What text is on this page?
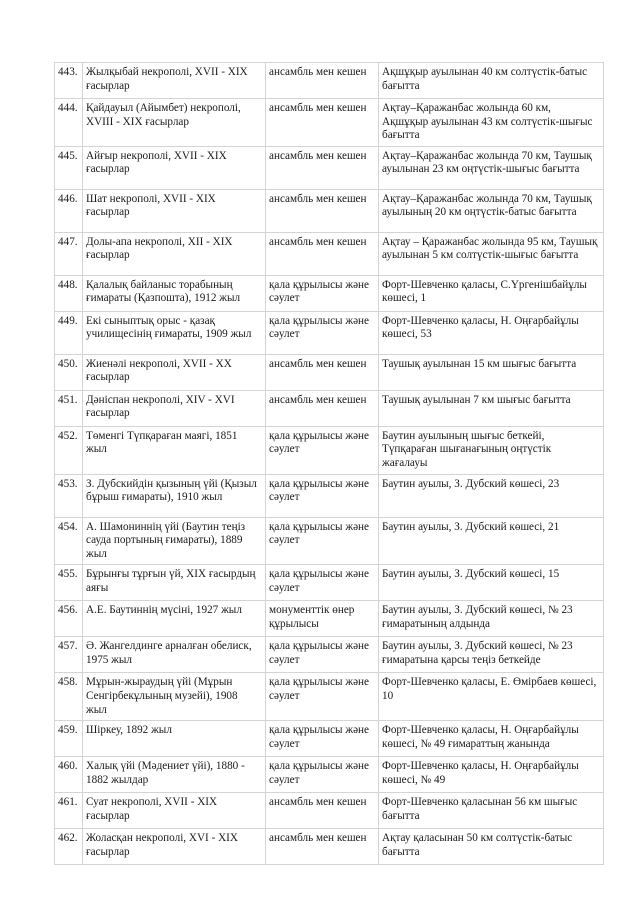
443.	Жылқыбай некрополі, XVII - XIX ғасырлар	ансамбль мен кешен	Ақшұқыр ауылынан 40 км солтүстік-батыс бағытта
444.	Қайдауыл (Айымбет) некрополі, XVIII - XIX ғасырлар	ансамбль мен кешен	Ақтау–Қаражанбас жолында 60 км, Ақшұқыр ауылынан 43 км солтүстік-шығыс бағытта
445.	Айғыр некрополі, XVII - XIX ғасырлар	ансамбль мен кешен	Ақтау–Қаражанбас жолында 70 км, Таушық ауылынан 23 км оңтүстік-шығыс бағытта
446.	Шат некрополі, XVII - XIX ғасырлар	ансамбль мен кешен	Ақтау–Қаражанбас жолында 70 км, Таушық ауылының 20 км оңтүстік-батыс бағытта
447.	Долы-апа некрополі, XII - XIX ғасырлар	ансамбль мен кешен	Ақтау – Қаражанбас жолында 95 км, Таушық ауылынан 5 км солтүстік-шығыс бағытта
448.	Қалалық байланыс торабының ғимараты (Қазпошта), 1912 жыл	қала құрылысы және сәулет	Форт-Шевченко қаласы, С.Үргенішбайұлы көшесі, 1
449.	Екі сыныптық орыс - қазақ училищесінің ғимараты, 1909 жыл	қала құрылысы және сәулет	Форт-Шевченко қаласы, Н. Оңғарбайұлы көшесі, 53
450.	Жиенәлі некрополі, XVII - XX ғасырлар	ансамбль мен кешен	Таушық ауылынан 15 км шығыс бағытта
451.	Дәніспан некрополі, XIV - XVI ғасырлар	ансамбль мен кешен	Таушық ауылынан 7 км шығыс бағытта
452.	Төменгі Түпқараған маягі, 1851 жыл	қала құрылысы және сәулет	Баутин ауылының шығыс беткейі, Түпқараған шығанағының оңтүстік жағалауы
453.	З. Дубскийдін қызының үйі (Қызыл бұрыш ғимараты), 1910 жыл	қала құрылысы және сәулет	Баутин ауылы, З. Дубский көшесі, 23
454.	А. Шамониннің үйі (Баутин теңіз сауда портының ғимараты), 1889 жыл	қала құрылысы және сәулет	Баутин ауылы, З. Дубский көшесі, 21
455.	Бұрынғы тұрғын үй, XIX ғасырдың аяғы	қала құрылысы және сәулет	Баутин ауылы, З. Дубский көшесі, 15
456.	А.Е. Баутиннің мүсіні, 1927 жыл	монументтік өнер құрылысы	Баутин ауылы, З. Дубский көшесі, № 23 ғимаратының алдында
457.	Ә. Жангелдинге арналған обелиск, 1975 жыл	қала құрылысы және сәулет	Баутин ауылы, З. Дубский көшесі, № 23 ғимаратына қарсы теңіз беткейде
458.	Мұрын-жыраудың үйі (Мұрын Сенгірбекұлының музейі), 1908 жыл	қала құрылысы және сәулет	Форт-Шевченко қаласы, Е. Өмірбаев көшесі, 10
459.	Шіркеу, 1892 жыл	қала құрылысы және сәулет	Форт-Шевченко қаласы, Н. Оңғарбайұлы көшесі, № 49 ғимараттың жанында
460.	Халық үйі (Мәдениет үйі), 1880 - 1882 жылдар	қала құрылысы және сәулет	Форт-Шевченко қаласы, Н. Оңғарбайұлы көшесі, № 49
461.	Суат некрополі, XVII - XIX ғасырлар	ансамбль мен кешен	Форт-Шевченко қаласынан 56 км шығыс бағытта
462.	Жоласқан некрополі, XVI - XIX ғасырлар	ансамбль мен кешен	Ақтау қаласынан 50 км солтүстік-батыс бағытта
